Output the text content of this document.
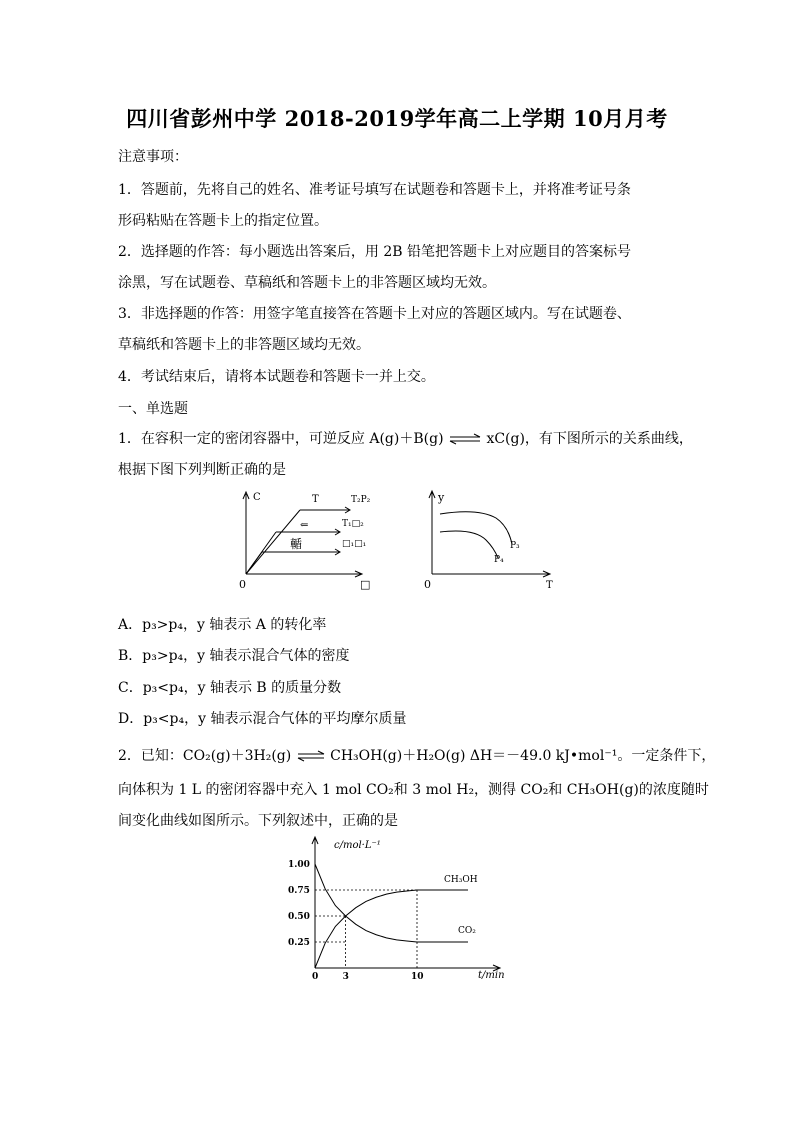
四川省彭州中学 2018-2019学年高二上学期 10月月考
注意事项：
1．答题前，先将自己的姓名、准考证号填写在试题卷和答题卡上，并将准考证号条
形码粘贴在答题卡上的指定位置。
2．选择题的作答：每小题选出答案后，用 2B 铅笔把答题卡上对应题目的答案标号
涂黑，写在试题卷、草稿纸和答题卡上的非答题区域均无效。
3．非选择题的作答：用签字笔直接答在答题卡上对应的答题区域内。写在试题卷、
草稿纸和答题卡上的非答题区域均无效。
4．考试结束后，请将本试题卷和答题卡一并上交。
一、单选题
1．在容积一定的密闭容器中，可逆反应 A(g)＋B(g) ⇌ xC(g)，有下图所示的关系曲线，
根据下图下列判断正确的是
C
0	□
T₂P₂
T₁□₂
□₁□₁
T
⇐
輴
y
0	T
P₃
P₄
A．p₃>p₄，y 轴表示 A 的转化率
B．p₃>p₄，y 轴表示混合气体的密度
C．p₃<p₄，y 轴表示 B 的质量分数
D．p₃<p₄，y 轴表示混合气体的平均摩尔质量
2．已知：CO₂(g)＋3H₂(g) ⇌ CH₃OH(g)＋H₂O(g) ΔH＝－49.0 kJ•mol⁻¹。一定条件下，
向体积为 1 L 的密闭容器中充入 1 mol CO₂和 3 mol H₂，测得 CO₂和 CH₃OH(g)的浓度随时
间变化曲线如图所示。下列叙述中，正确的是
0.25
0.50
0.75
1.00
0	3	10
c/mol·L⁻¹
t/min
CH₃OH
CO₂
